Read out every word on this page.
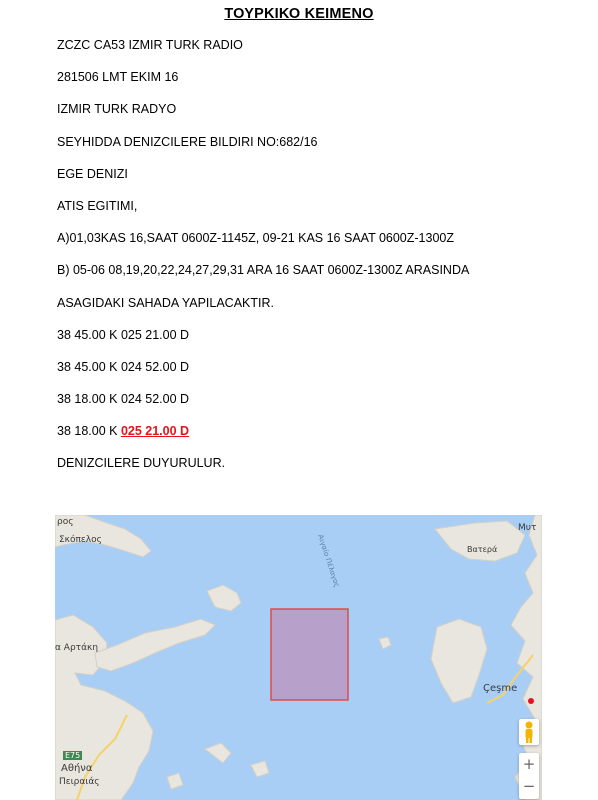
ΤΟΥΡΚΙΚΟ ΚΕΙΜΕΝΟ
ZCZC CA53 IZMIR TURK RADIO
281506 LMT EKIM 16
IZMIR TURK RADYO
SEYHIDDA DENIZCILERE BILDIRI NO:682/16
EGE DENIZI
ATIS EGITIMI,
A)01,03KAS 16,SAAT 0600Z-1145Z, 09-21 KAS 16 SAAT 0600Z-1300Z
B) 05-06 08,19,20,22,24,27,29,31 ARA 16 SAAT 0600Z-1300Z ARASINDA
ASAGIDAKI SAHADA YAPILACAKTIR.
38 45.00 K 025 21.00 D
38 45.00 K 024 52.00 D
38 18.00 K 024 52.00 D
38 18.00 K 025 21.00 D
DENIZCILERE DUYURULUR.
ρος
Σκόπελος	Αιγαίο Πέλαγος
Μυτ
Βατερά
α Αρτάκη
Çeşme
E75
Αθήνα
Πειραιάς
+
−
